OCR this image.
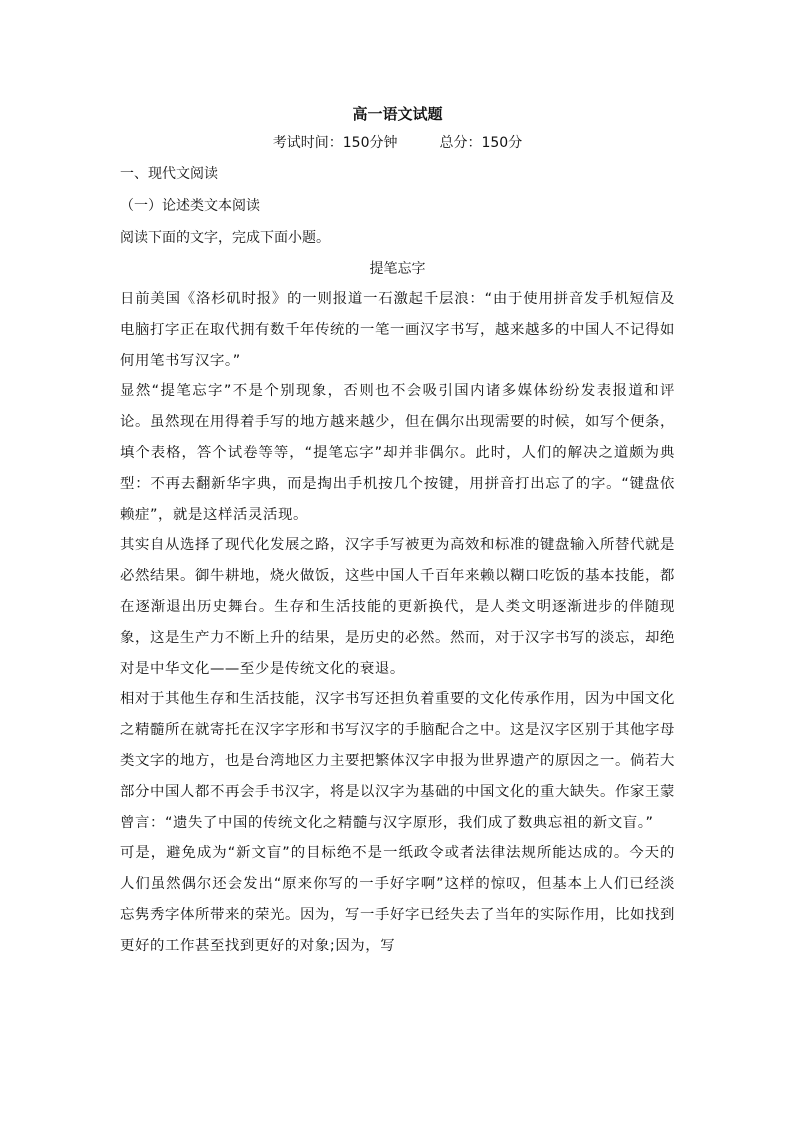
高一语文试题

考试时间：150分钟　　　总分：150分

一、现代文阅读

（一）论述类文本阅读

阅读下面的文字，完成下面小题。

提笔忘字

日前美国《洛杉矶时报》的一则报道一石激起千层浪：“由于使用拼音发手机短信及电脑打字正在取代拥有数千年传统的一笔一画汉字书写，越来越多的中国人不记得如何用笔书写汉字。”

显然“提笔忘字”不是个别现象，否则也不会吸引国内诸多媒体纷纷发表报道和评论。虽然现在用得着手写的地方越来越少，但在偶尔出现需要的时候，如写个便条，填个表格，答个试卷等等，“提笔忘字”却并非偶尔。此时，人们的解决之道颇为典型：不再去翻新华字典，而是掏出手机按几个按键，用拼音打出忘了的字。“键盘依赖症”，就是这样活灵活现。

其实自从选择了现代化发展之路，汉字手写被更为高效和标准的键盘输入所替代就是必然结果。御牛耕地，烧火做饭，这些中国人千百年来赖以糊口吃饭的基本技能，都在逐渐退出历史舞台。生存和生活技能的更新换代，是人类文明逐渐进步的伴随现象，这是生产力不断上升的结果，是历史的必然。然而，对于汉字书写的淡忘，却绝对是中华文化——至少是传统文化的衰退。

相对于其他生存和生活技能，汉字书写还担负着重要的文化传承作用，因为中国文化之精髓所在就寄托在汉字字形和书写汉字的手脑配合之中。这是汉字区别于其他字母类文字的地方，也是台湾地区力主要把繁体汉字申报为世界遗产的原因之一。倘若大部分中国人都不再会手书汉字，将是以汉字为基础的中国文化的重大缺失。作家王蒙曾言：“遗失了中国的传统文化之精髓与汉字原形，我们成了数典忘祖的新文盲。”

可是，避免成为“新文盲”的目标绝不是一纸政令或者法律法规所能达成的。今天的人们虽然偶尔还会发出“原来你写的一手好字啊”这样的惊叹，但基本上人们已经淡忘隽秀字体所带来的荣光。因为，写一手好字已经失去了当年的实际作用，比如找到更好的工作甚至找到更好的对象;因为，写
